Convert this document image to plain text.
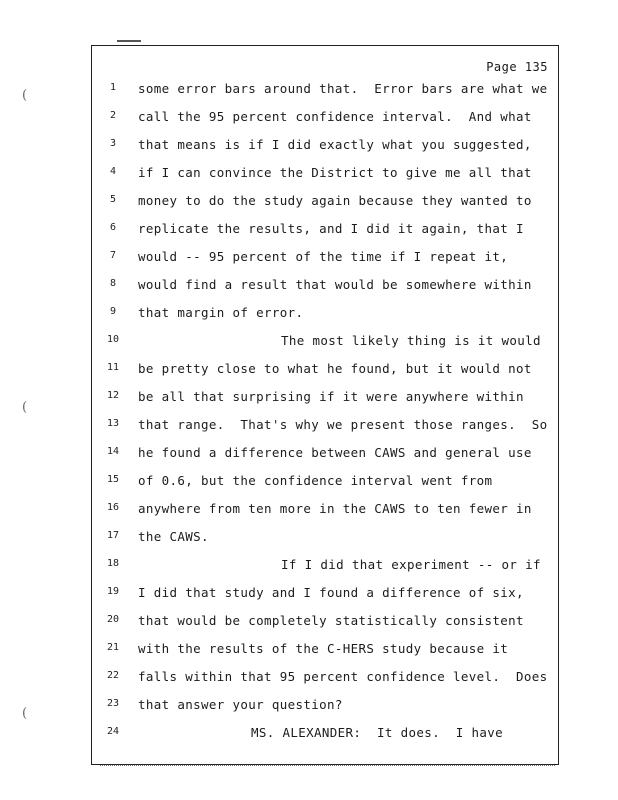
Page 135
(
(
(
1	some error bars around that.  Error bars are what we
2	call the 95 percent confidence interval.  And what
3	that means is if I did exactly what you suggested,
4	if I can convince the District to give me all that
5	money to do the study again because they wanted to
6	replicate the results, and I did it again, that I
7	would -- 95 percent of the time if I repeat it,
8	would find a result that would be somewhere within
9	that margin of error.
10	The most likely thing is it would
11	be pretty close to what he found, but it would not
12	be all that surprising if it were anywhere within
13	that range.  That's why we present those ranges.  So
14	he found a difference between CAWS and general use
15	of 0.6, but the confidence interval went from
16	anywhere from ten more in the CAWS to ten fewer in
17	the CAWS.
18	If I did that experiment -- or if
19	I did that study and I found a difference of six,
20	that would be completely statistically consistent
21	with the results of the C-HERS study because it
22	falls within that 95 percent confidence level.  Does
23	that answer your question?
24	MS. ALEXANDER:  It does.  I have
